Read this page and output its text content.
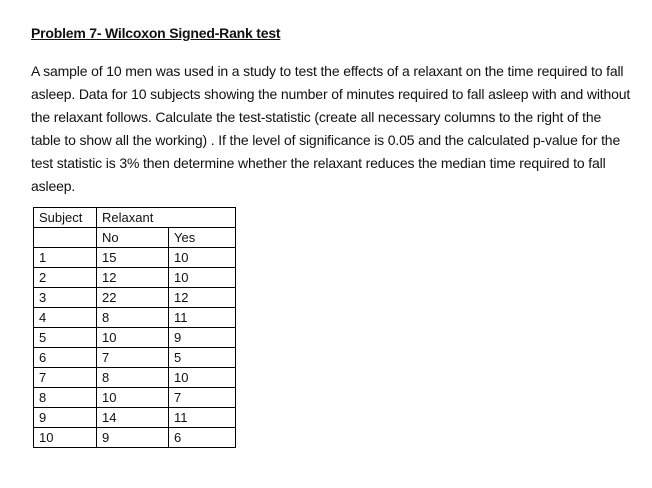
Problem 7- Wilcoxon Signed-Rank test
A sample of 10 men was used in a study to test the effects of a relaxant on the time required to fall asleep. Data for 10 subjects showing the number of minutes required to fall asleep with and without the relaxant follows. Calculate the test-statistic (create all necessary columns to the right of the table to show all the working) . If the level of significance is 0.05 and the calculated p-value for the test statistic is 3% then determine whether the relaxant reduces the median time required to fall asleep.
Subject	Relaxant	
	No	Yes
1	15	10
2	12	10
3	22	12
4	8	11
5	10	9
6	7	5
7	8	10
8	10	7
9	14	11
10	9	6
